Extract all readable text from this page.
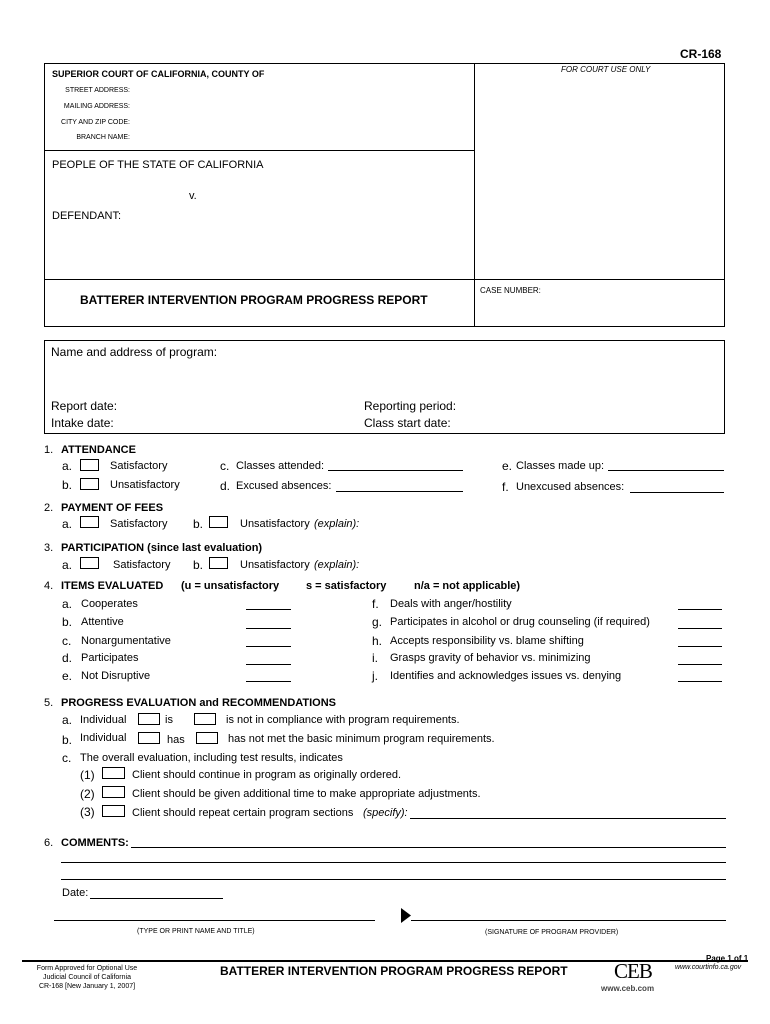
CR-168
SUPERIOR COURT OF CALIFORNIA, COUNTY OF	FOR COURT USE ONLY
STREET ADDRESS:
MAILING ADDRESS:
CITY AND ZIP CODE:
BRANCH NAME:
PEOPLE OF THE STATE OF CALIFORNIA
v.
DEFENDANT:
CASE NUMBER:
BATTERER INTERVENTION PROGRAM PROGRESS REPORT
Name and address of program:
Report date:
Intake date:
Reporting period:
Class start date:
1. ATTENDANCE
a.	Satisfactory
b.	Unsatisfactory
c. Classes attended:
d. Excused absences:
e. Classes made up:
f. Unexcused absences:
2. PAYMENT OF FEES
a.	Satisfactory b.	Unsatisfactory (explain):
3. PARTICIPATION (since last evaluation)
a.	Satisfactory b.	Unsatisfactory (explain):
4. ITEMS EVALUATED (u = unsatisfactory s = satisfactory	n/a = not applicable)
a. Cooperates
b. Attentive
c. Nonargumentative
d. Participates
e. Not Disruptive
f. Deals with anger/hostility
g. Participates in alcohol or drug counseling (if required)
h. Accepts responsibility vs. blame shifting
i. Grasps gravity of behavior vs. minimizing
j. Identifies and acknowledges issues vs. denying
5. PROGRESS EVALUATION and RECOMMENDATIONS
a. Individual	is	is not in compliance with program requirements.
b. Individual	has	has not met the basic minimum program requirements.
c. The overall evaluation, including test results, indicates
(1)	Client should continue in program as originally ordered.
(2)	Client should be given additional time to make appropriate adjustments.
(3)	Client should repeat certain program sections (specify):
6. COMMENTS:
Date:
(TYPE OR PRINT NAME AND TITLE)	(SIGNATURE OF PROGRAM PROVIDER)
Page 1 of 1
Form Approved for Optional Use
Judicial Council of California
CR-168 [New January 1, 2007]
BATTERER INTERVENTION PROGRAM PROGRESS REPORT CEB
www.ceb.com
www.courtinfo.ca.gov
